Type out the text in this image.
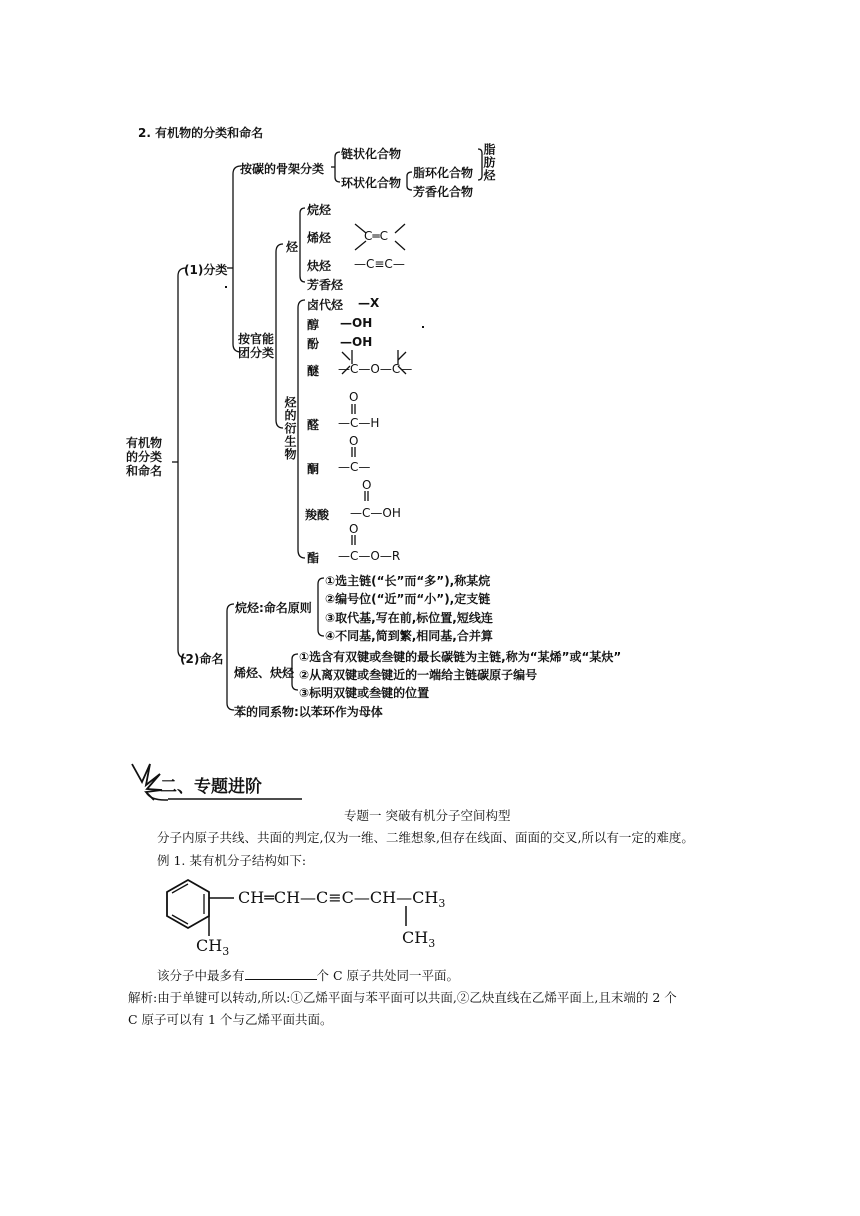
2. 有机物的分类和命名
有机物的分类和命名
(1)分类
按碳的骨架分类
链状化合物
环状化合物
脂环化合物
芳香化合物
脂肪烃
按官能团分类
烃
烷烃
烯烃	C═C
炔烃 —C≡C—
芳香烃
烃的衍生物
卤代烃 —X
醇 —OH
酚 —OH
醚 —C—O—C—
O
醛 —C—H
O
酮 —C—
O
羧酸 —C—OH
O
酯 —C—O—R
(2)命名
烷烃:命名原则
①选主链(“长”而“多”),称某烷
②编号位(“近”而“小”),定支链
③取代基,写在前,标位置,短线连
④不同基,简到繁,相同基,合并算
烯烃、炔烃
①选含有双键或叁键的最长碳链为主链,称为“某烯”或“某炔”
②从离双键或叁键近的一端给主链碳原子编号
③标明双键或叁键的位置
苯的同系物:以苯环作为母体
二、专题进阶
专题一 突破有机分子空间构型
分子内原子共线、共面的判定,仅为一维、二维想象,但存在线面、面面的交叉,所以有一定的难度。
例 1. 某有机分子结构如下:
$CH═CH—C\equiv C—CH—CH_3$
$CH_3$
$CH_3$
该分子中最多有	个 C 原子共处同一平面。
解析:由于单键可以转动,所以:①乙烯平面与苯平面可以共面,②乙炔直线在乙烯平面上,且末端的 2 个
C 原子可以有 1 个与乙烯平面共面。
